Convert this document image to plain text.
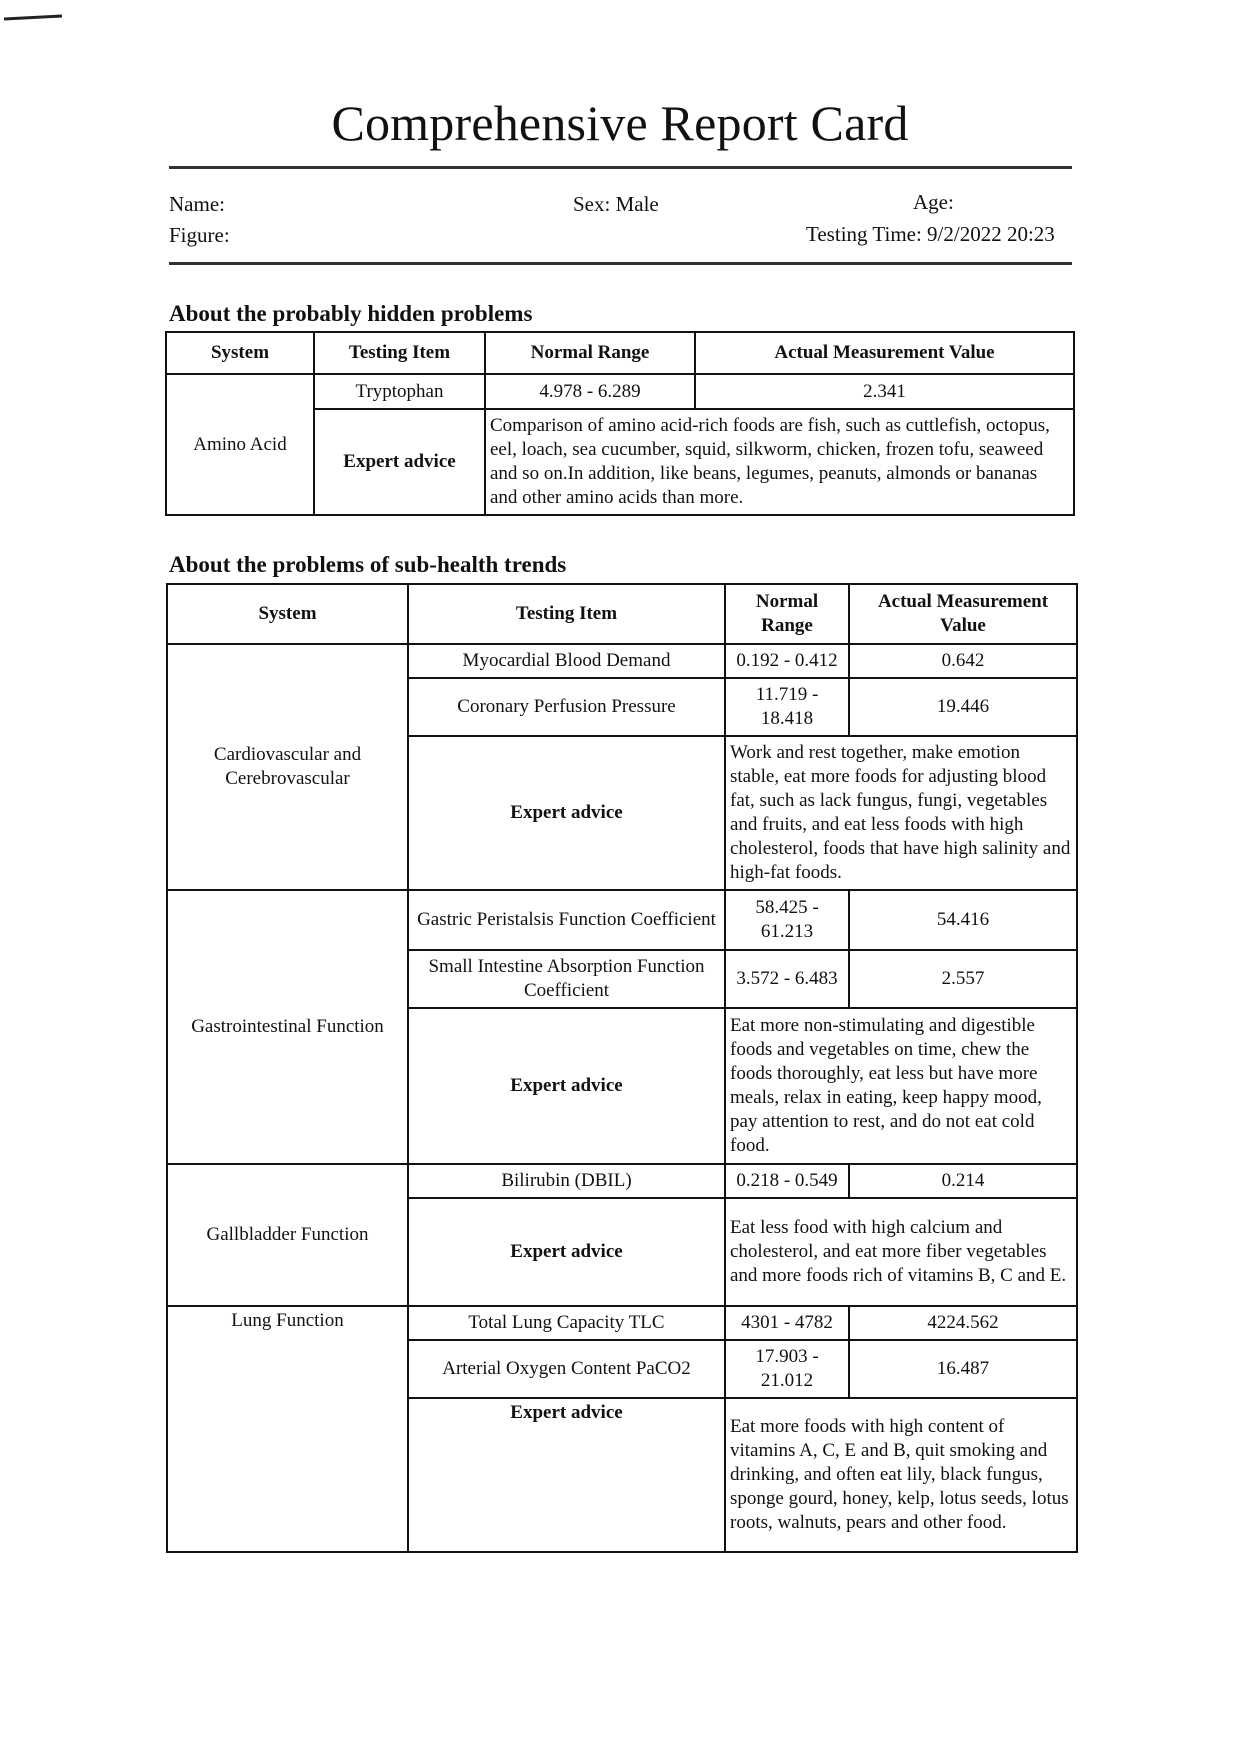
Comprehensive Report Card
Name:	Sex: Male	Age:
Figure:	Testing Time: 9/2/2022 20:23
About the probably hidden problems
System	Testing Item	Normal Range	Actual Measurement Value
Amino Acid	Tryptophan	4.978 - 6.289	2.341
	Expert advice	Comparison of amino acid-rich foods are fish, such as cuttlefish, octopus, eel, loach, sea cucumber, squid, silkworm, chicken, frozen tofu, seaweed and so on.In addition, like beans, legumes, peanuts, almonds or bananas and other amino acids than more.	
About the problems of sub-health trends
System	Testing Item	Normal Range	Actual Measurement Value
Cardiovascular and Cerebrovascular	Myocardial Blood Demand	0.192 - 0.412	0.642
	Coronary Perfusion Pressure	11.719 - 18.418	19.446
	Expert advice	Work and rest together, make emotion stable, eat more foods for adjusting blood fat, such as lack fungus, fungi, vegetables and fruits, and eat less foods with high cholesterol, foods that have high salinity and high-fat foods.	
Gastrointestinal Function	Gastric Peristalsis Function Coefficient	58.425 - 61.213	54.416
	Small Intestine Absorption Function Coefficient	3.572 - 6.483	2.557
	Expert advice	Eat more non-stimulating and digestible foods and vegetables on time, chew the foods thoroughly, eat less but have more meals, relax in eating, keep happy mood, pay attention to rest, and do not eat cold food.	
Gallbladder Function	Bilirubin (DBIL)	0.218 - 0.549	0.214
	Expert advice	Eat less food with high calcium and cholesterol, and eat more fiber vegetables and more foods rich of vitamins B, C and E.	
Lung Function	Total Lung Capacity TLC	4301 - 4782	4224.562
	Arterial Oxygen Content PaCO2	17.903 - 21.012	16.487
	Expert advice	Eat more foods with high content of vitamins A, C, E and B, quit smoking and drinking, and often eat lily, black fungus, sponge gourd, honey, kelp, lotus seeds, lotus roots, walnuts, pears and other food.	
